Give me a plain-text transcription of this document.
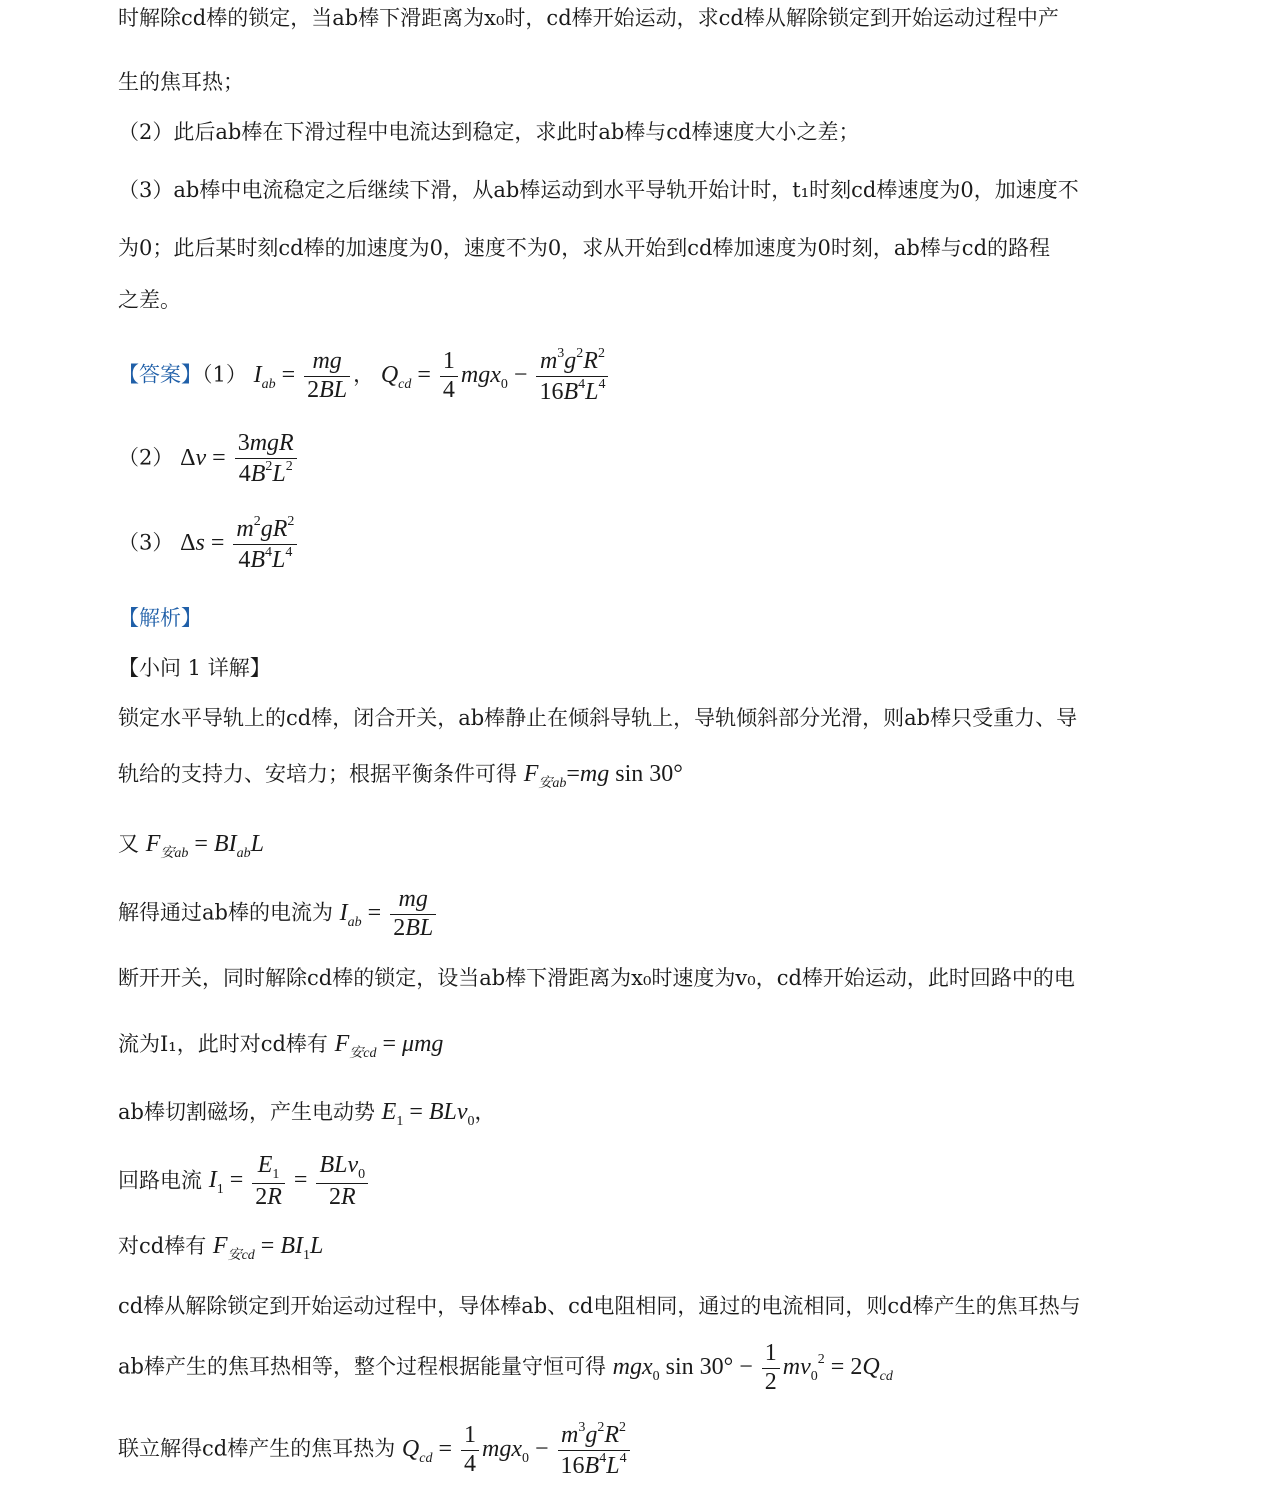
时解除cd棒的锁定，当ab棒下滑距离为x₀时，cd棒开始运动，求cd棒从解除锁定到开始运动过程中产
生的焦耳热；
（2）此后ab棒在下滑过程中电流达到稳定，求此时ab棒与cd棒速度大小之差；
（3）ab棒中电流稳定之后继续下滑，从ab棒运动到水平导轨开始计时，t₁时刻cd棒速度为0，加速度不
为0；此后某时刻cd棒的加速度为0，速度不为0，求从开始到cd棒加速度为0时刻，ab棒与cd的路程
之差。
【答案】（1） $I_{ab} = \frac{mg}{2BL}$ ， $Q_{cd} = \frac{1}{4} mgx_0 - \frac{m^3g^2R^2}{16B^4L^4}$
（2） $\Delta v = \frac{\text{3mgR}}{4B^2L^2}$
（3） $\Delta s = \frac{m^2gR^2}{4B^4L^4}$
【解析】
【小问 1 详解】
锁定水平导轨上的cd棒，闭合开关，ab棒静止在倾斜导轨上，导轨倾斜部分光滑，则ab棒只受重力、导
轨给的支持力、安培力；根据平衡条件可得 $F_{安ab}=mg$ sin 30°
又 $F_{安ab} = BI_{ab}L$
解得通过ab棒的电流为 $I_{ab} = \frac{mg}{2BL}$
断开开关，同时解除cd棒的锁定，设当ab棒下滑距离为x₀时速度为v₀，cd棒开始运动，此时回路中的电
流为I₁，此时对cd棒有 $F_{安cd} = \mu mg$
ab棒切割磁场，产生电动势 $E_1 = BLv_0$，
回路电流 $I_1 = \frac{E_1}{2R} = \frac{BLv_0}{2R}$
对cd棒有 $F_{安cd} = BI_1L$
cd棒从解除锁定到开始运动过程中，导体棒ab、cd电阻相同，通过的电流相同，则cd棒产生的焦耳热与
ab棒产生的焦耳热相等，整个过程根据能量守恒可得 mgx$_0$ $\sin 30^\circ - \frac{1}{2} mv_0^2 = 2Q_{cd}$
联立解得cd棒产生的焦耳热为 $Q_{cd} = \frac{1}{4} mgx_0 - \frac{m^3g^2R^2}{16B^4L^4}$
